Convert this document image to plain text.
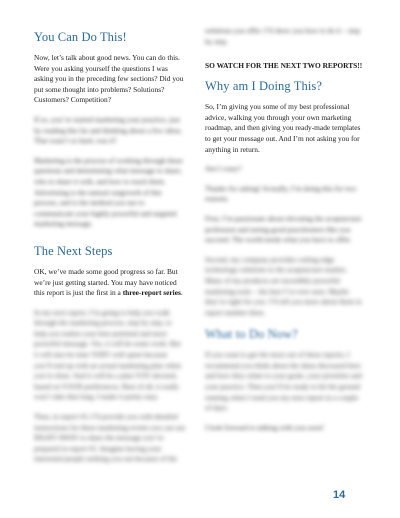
You Can Do This!

Now, let’s talk about good news. You can do this. Were you asking yourself the questions I was asking you in the preceding few sections? Did you put some thought into problems? Solutions? Customers? Competition?

If so, you’ve started marketing your practice, just by reading this far and thinking about a few ideas. That wasn’t so hard, was it?

Marketing is the process of working through these questions and determining what message to share, who to share it with, and how to reach them. Advertising is the natural outgrowth of this process, and is the method you use to communicate your highly powerful and targeted marketing message.

The Next Steps

OK, we’ve made some good progress so far. But we’re just getting started. You may have noticed this report is just the first in a three-report series.

In my next report, I’m going to help you walk through the marketing process, step by step, to help you realize your best potential and most powerful message. Yes, it will be some work. But it will also be time VERY well spent because you’ll end up with an actual marketing plan when you’re done. And it will be a plan YOU devised, based on YOUR preferences. Best of all, it really won’t take that long, I make it pretty easy.

Then, in report #3, I’ll provide you with detailed instructions for these marketing events you can use RIGHT AWAY to share the message you’ve prepared in report #2. Imagine having your interested people seeking you out because of the

solutions you offer. I’ll show you how to do it – step by step.

SO WATCH FOR THE NEXT TWO REPORTS!!

Why am I Doing This?

So, I’m giving you some of my best professional advice, walking you through your own marketing roadmap, and then giving you ready-made templates to get your message out. And I’m not asking you for anything in return.

Am I crazy?

Thanks for asking! Actually, I’m doing this for two reasons.

First, I’m passionate about elevating the acupuncture profession and seeing good practitioners like you succeed. The world needs what you have to offer.

Second, my company provides cutting edge technology solutions to the acupuncture market. Many of my products are incredibly powerful marketing tools – the best I’ve ever seen. Maybe they’re right for you. I’ll tell you more about them in report number three.

What to Do Now?

If you want to get the most out of these reports, I recommend you think about the ideas discussed here and how they relate to your goals, your priorities and your practice. Then you’ll be ready to hit the ground running when I send you my next report in a couple of days.

I look forward to talking with you soon!

14
